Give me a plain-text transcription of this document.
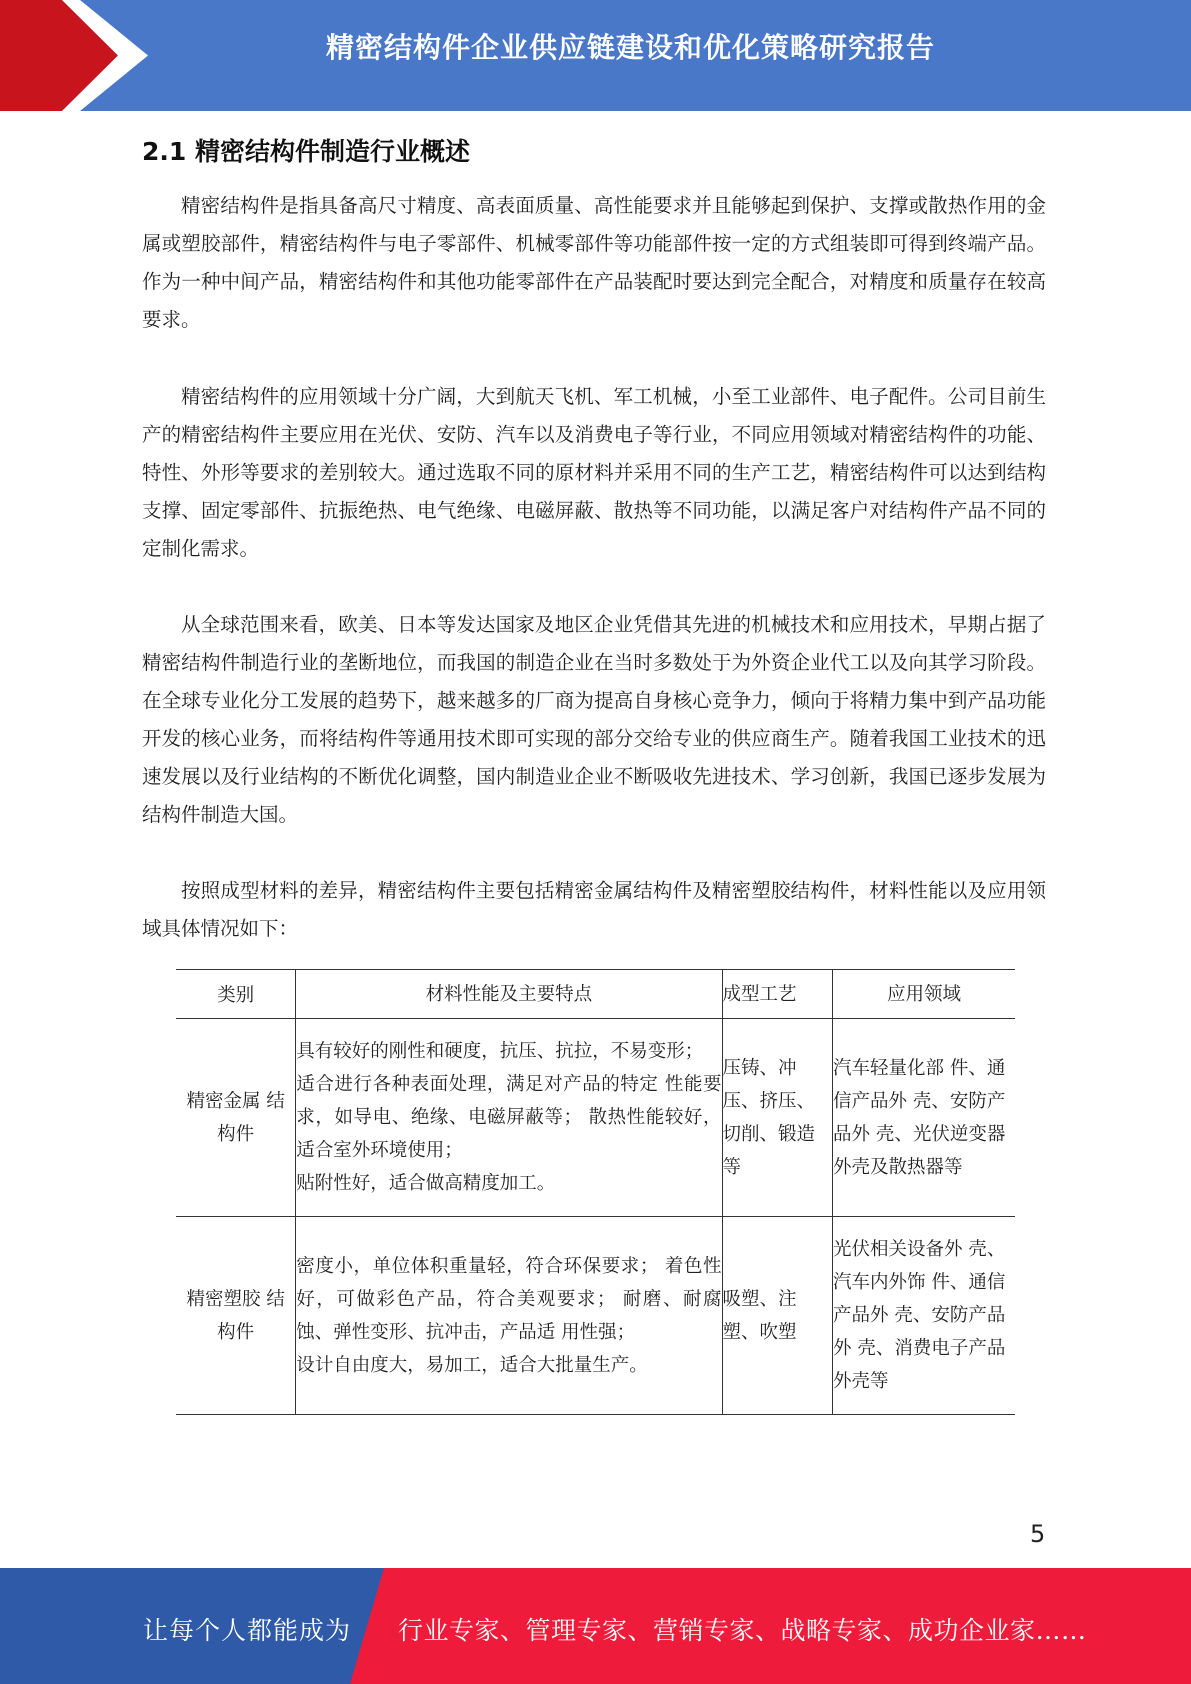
精密结构件企业供应链建设和优化策略研究报告
2.1 精密结构件制造行业概述

精密结构件是指具备高尺寸精度、高表面质量、高性能要求并且能够起到保护、支撑或散热作用的金属或塑胶部件，精密结构件与电子零部件、机械零部件等功能部件按一定的方式组装即可得到终端产品。作为一种中间产品，精密结构件和其他功能零部件在产品装配时要达到完全配合，对精度和质量存在较高要求。

精密结构件的应用领域十分广阔，大到航天飞机、军工机械，小至工业部件、电子配件。公司目前生产的精密结构件主要应用在光伏、安防、汽车以及消费电子等行业，不同应用领域对精密结构件的功能、特性、外形等要求的差别较大。通过选取不同的原材料并采用不同的生产工艺，精密结构件可以达到结构支撑、固定零部件、抗振绝热、电气绝缘、电磁屏蔽、散热等不同功能，以满足客户对结构件产品不同的定制化需求。

从全球范围来看，欧美、日本等发达国家及地区企业凭借其先进的机械技术和应用技术，早期占据了精密结构件制造行业的垄断地位，而我国的制造企业在当时多数处于为外资企业代工以及向其学习阶段。在全球专业化分工发展的趋势下，越来越多的厂商为提高自身核心竞争力，倾向于将精力集中到产品功能开发的核心业务，而将结构件等通用技术即可实现的部分交给专业的供应商生产。随着我国工业技术的迅速发展以及行业结构的不断优化调整，国内制造业企业不断吸收先进技术、学习创新，我国已逐步发展为结构件制造大国。

按照成型材料的差异，精密结构件主要包括精密金属结构件及精密塑胶结构件，材料性能以及应用领域具体情况如下：

类别	材料性能及主要特点	成型工艺	应用领域
精密金属 结构件	具有较好的刚性和硬度，抗压、抗拉，不易变形；
适合进行各种表面处理，满足对产品的特定 性能要求，如导电、绝缘、电磁屏蔽等； 散热性能较好，适合室外环境使用；
贴附性好，适合做高精度加工。	压铸、冲压、挤压、切削、锻造等	汽车轻量化部 件、通信产品外 壳、安防产品外 壳、光伏逆变器外壳及散热器等
精密塑胶 结构件	密度小，单位体积重量轻，符合环保要求； 着色性好，可做彩色产品，符合美观要求； 耐磨、耐腐蚀、弹性变形、抗冲击，产品适 用性强；
设计自由度大，易加工，适合大批量生产。	吸塑、注塑、吹塑	光伏相关设备外 壳、汽车内外饰 件、通信产品外 壳、安防产品外 壳、消费电子产品外壳等
5
让每个人都能成为 行业专家、管理专家、营销专家、战略专家、成功企业家……
